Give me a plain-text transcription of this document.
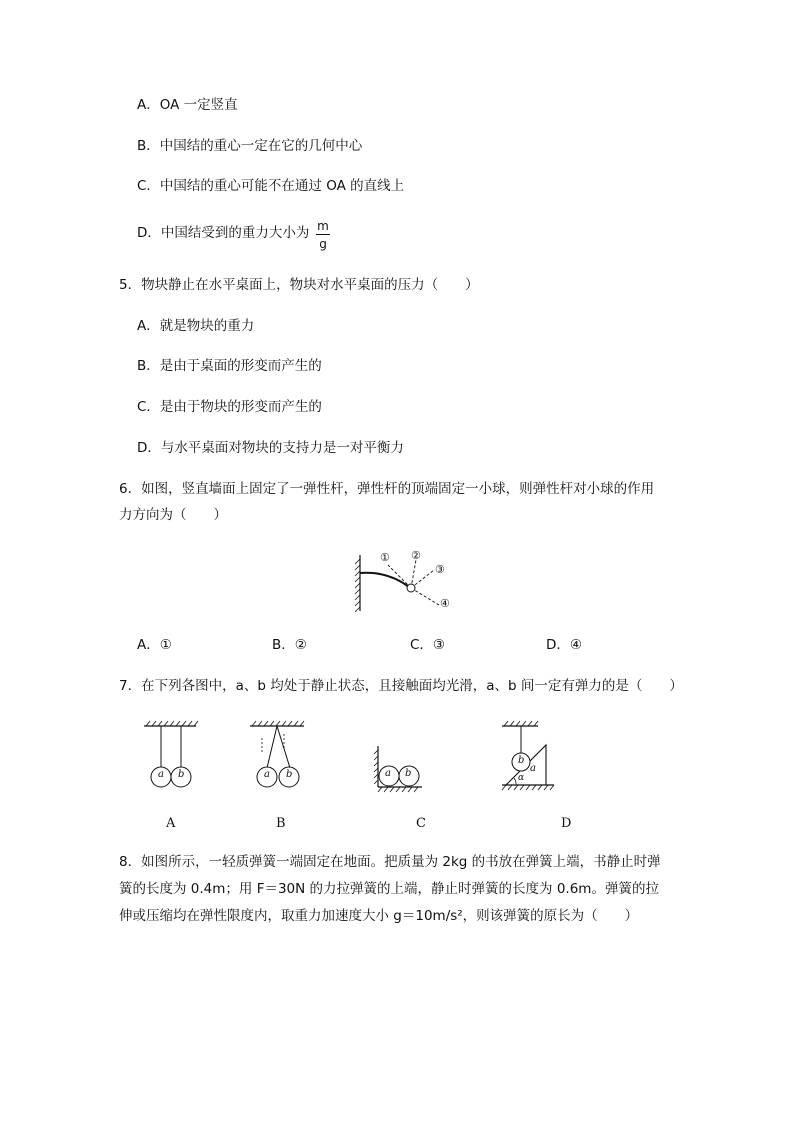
A．OA 一定竖直
B．中国结的重心一定在它的几何中心
C．中国结的重心可能不在通过 OA 的直线上
D．中国结受到的重力大小为 m
g
5．物块静止在水平桌面上，物块对水平桌面的压力（　　）
A．就是物块的重力
B．是由于桌面的形变而产生的
C．是由于物块的形变而产生的
D．与水平桌面对物块的支持力是一对平衡力
6．如图，竖直墙面上固定了一弹性杆，弹性杆的顶端固定一小球，则弹性杆对小球的作用
力方向为（　　）
① ②
③
④
A．①	B．②	C．③	D．④
7．在下列各图中，a、b 均处于静止状态，且接触面均光滑，a、b 间一定有弹力的是（　　）
a b	a b	a b
b
a
α
A	B	C	D
8．如图所示，一轻质弹簧一端固定在地面。把质量为 2kg 的书放在弹簧上端，书静止时弹
簧的长度为 0.4m；用 F＝30N 的力拉弹簧的上端，静止时弹簧的长度为 0.6m。弹簧的拉
伸或压缩均在弹性限度内，取重力加速度大小 g＝10m/s²，则该弹簧的原长为（　　）
